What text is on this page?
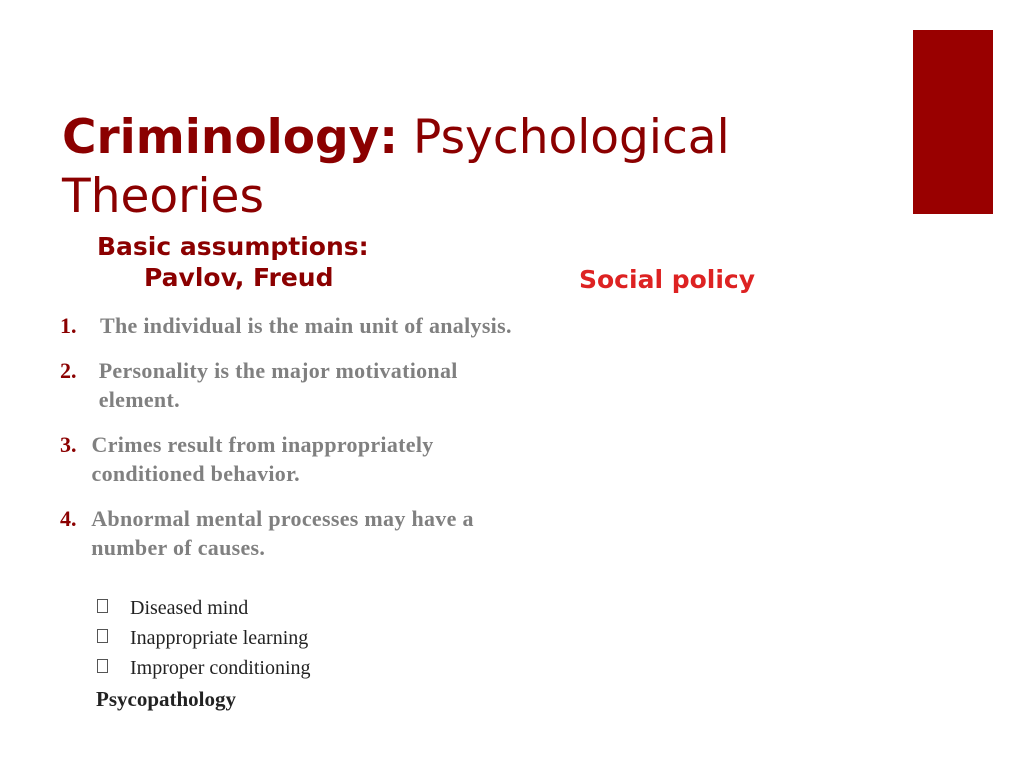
Criminology: Psychological
Theories
Basic assumptions:
Pavlov, Freud	Social policy
1.	The individual is the main unit of analysis.
2.	Personality is the major motivational element.
3. Crimes result from inappropriately conditioned behavior.
4. Abnormal mental processes may have a number of causes.
Diseased mind
Inappropriate learning
Improper conditioning
Psycopathology
